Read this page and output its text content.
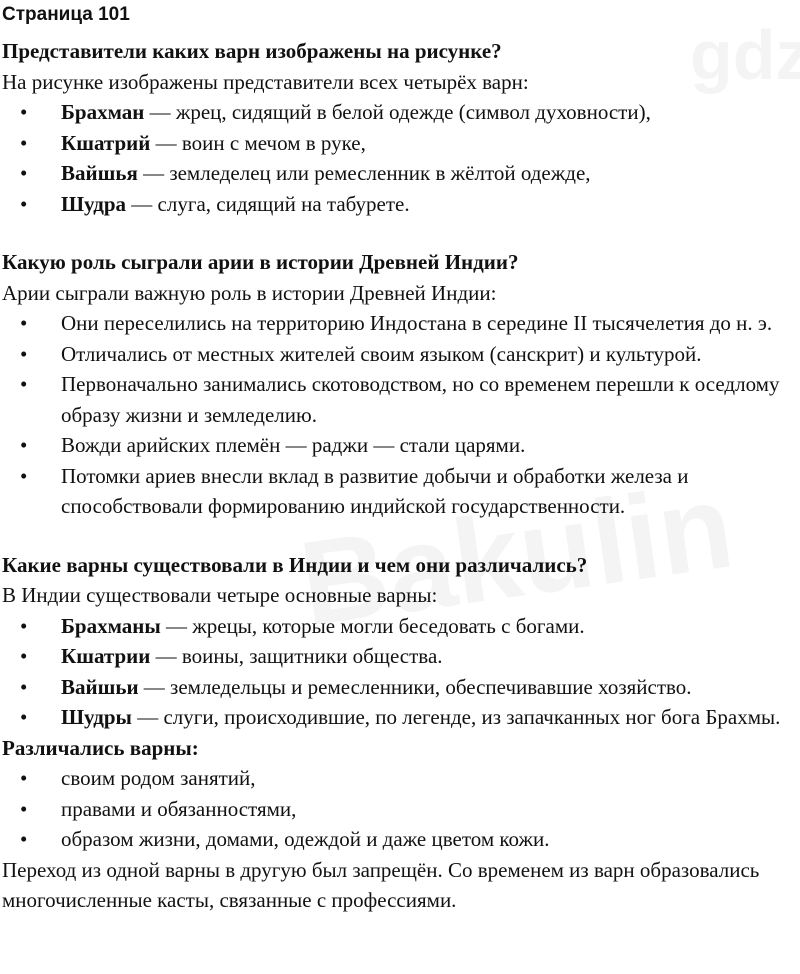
Страница 101
Представители каких варн изображены на рисунке?
На рисунке изображены представители всех четырёх варн:
• Брахман — жрец, сидящий в белой одежде (символ духовности),
• Кшатрий — воин с мечом в руке,
• Вайшья — земледелец или ремесленник в жёлтой одежде,
• Шудра — слуга, сидящий на табурете.
Какую роль сыграли арии в истории Древней Индии?
Арии сыграли важную роль в истории Древней Индии:
• Они переселились на территорию Индостана в середине II тысячелетия до н. э.
• Отличались от местных жителей своим языком (санскрит) и культурой.
• Первоначально занимались скотоводством, но со временем перешли к оседлому образу жизни и земледелию.
• Вожди арийских племён — раджи — стали царями.
• Потомки ариев внесли вклад в развитие добычи и обработки железа и способствовали формированию индийской государственности.
Какие варны существовали в Индии и чем они различались?
В Индии существовали четыре основные варны:
• Брахманы — жрецы, которые могли беседовать с богами.
• Кшатрии — воины, защитники общества.
• Вайшьи — земледельцы и ремесленники, обеспечивавшие хозяйство.
• Шудры — слуги, происходившие, по легенде, из запачканных ног бога Брахмы.
Различались варны:
• своим родом занятий,
• правами и обязанностями,
• образом жизни, домами, одеждой и даже цветом кожи.
Переход из одной варны в другую был запрещён. Со временем из варн образовались многочисленные касты, связанные с профессиями.
